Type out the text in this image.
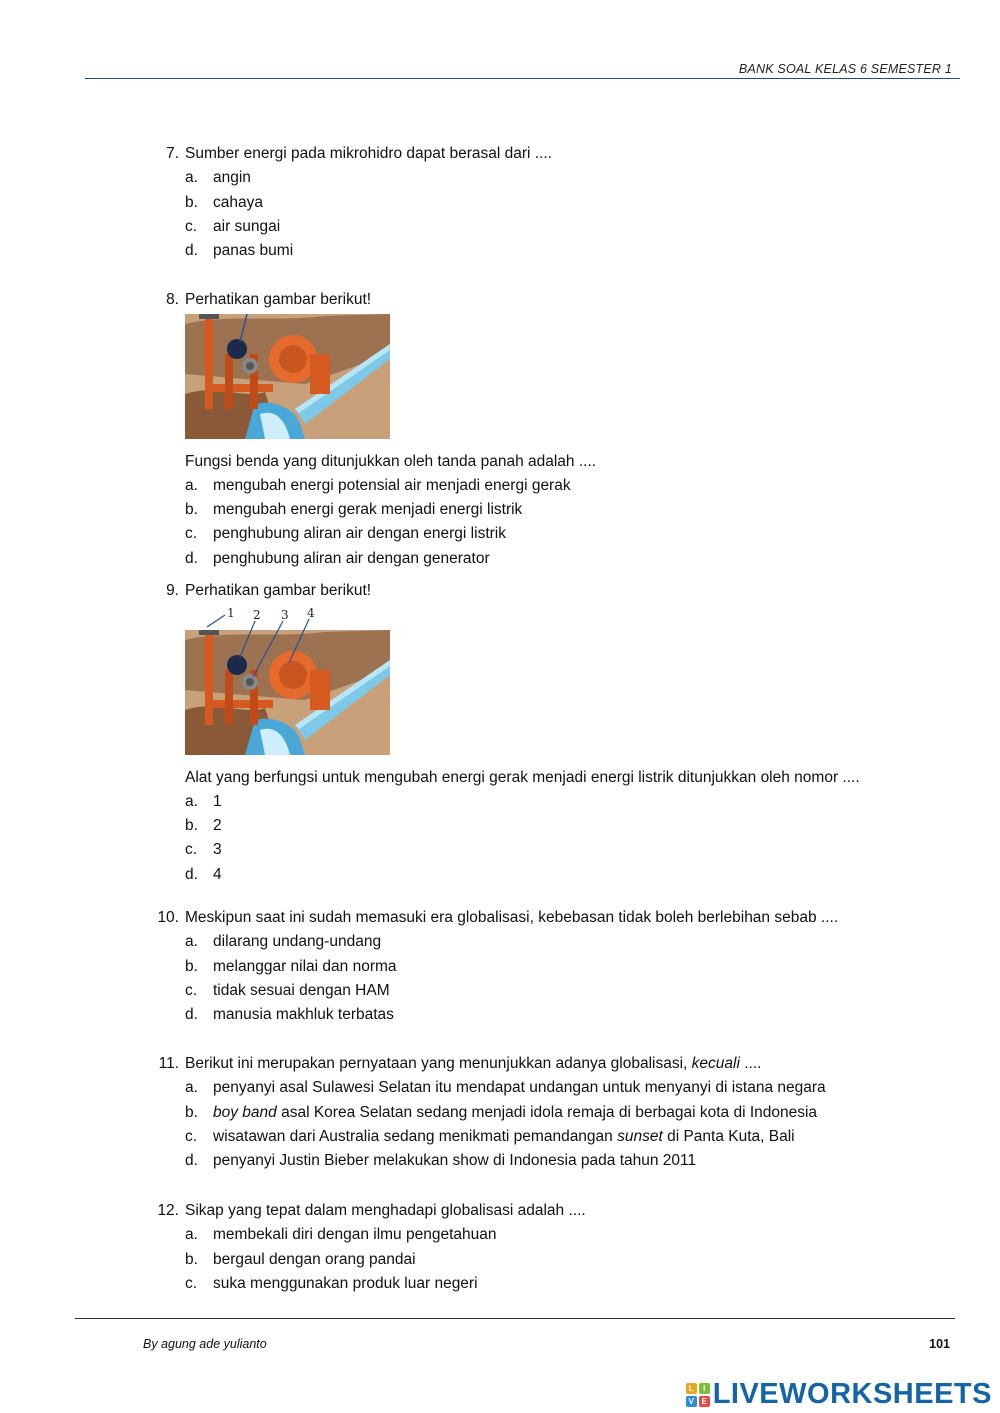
BANK SOAL KELAS 6 SEMESTER 1
7. Sumber energi pada mikrohidro dapat berasal dari ....
a. angin
b. cahaya
c.	air sungai
d. panas bumi
8. Perhatikan gambar berikut!
Fungsi benda yang ditunjukkan oleh tanda panah adalah ....
a. mengubah energi potensial air menjadi energi gerak
b. mengubah energi gerak menjadi energi listrik
c.	penghubung aliran air dengan energi listrik
d. penghubung aliran air dengan generator
9. Perhatikan gambar berikut!
1 2 3 4
Alat yang berfungsi untuk mengubah energi gerak menjadi energi listrik ditunjukkan oleh nomor ....
a. 1
b. 2
c.	3
d. 4
10. Meskipun saat ini sudah memasuki era globalisasi, kebebasan tidak boleh berlebihan sebab ....
a. dilarang undang-undang
b. melanggar nilai dan norma
c.	tidak sesuai dengan HAM
d. manusia makhluk terbatas
11. Berikut ini merupakan pernyataan yang menunjukkan adanya globalisasi, kecuali ....
a. penyanyi asal Sulawesi Selatan itu mendapat undangan untuk menyanyi di istana negara
b. boy band asal Korea Selatan sedang menjadi idola remaja di berbagai kota di Indonesia
c.	wisatawan dari Australia sedang menikmati pemandangan sunset di Panta Kuta, Bali
d. penyanyi Justin Bieber melakukan show di Indonesia pada tahun 2011
12. Sikap yang tepat dalam menghadapi globalisasi adalah ....
a. membekali diri dengan ilmu pengetahuan
b. bergaul dengan orang pandai
c.	suka menggunakan produk luar negeri
By agung ade yulianto	101
L	I
V E LIVEWORKSHEETS
